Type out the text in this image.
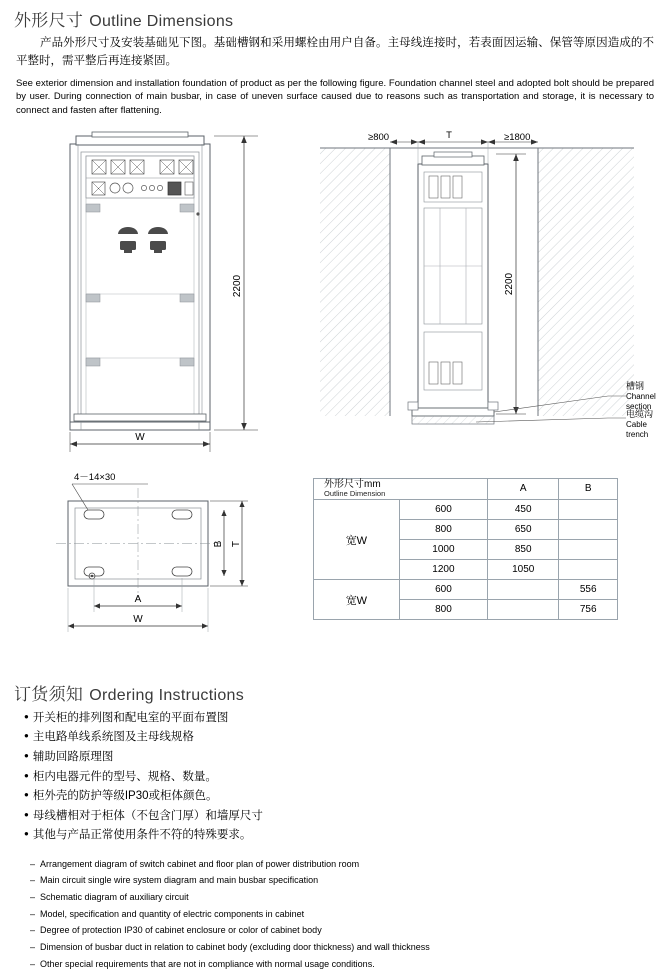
外形尺寸 Outline Dimensions

产品外形尺寸及安装基础见下图。基础槽钢和采用螺栓由用户自备。主母线连接时，若表面因运输、保管等原因造成的不平整时，需平整后再连接紧固。

See exterior dimension and installation foundation of product as per the following figure. Foundation channel steel and adopted bolt should be prepared by user. During connection of main busbar, in case of uneven surface caused due to reasons such as transportation and storage, it is necessary to connect and fasten after flattening.

2200
W
≥800	T	≥1800
2200
槽钢
Channel section
电缆沟
Cable trench
4－14×30
B T
A
W
外形尺寸mm
Outline Dimension		A	B
宽W	600	450	
	800	650	
	1000	850	
	1200	1050	
宽W	600		556
	800		756
订货须知 Ordering Instructions
● 开关柜的排列图和配电室的平面布置图
● 主电路单线系统图及主母线规格
● 辅助回路原理图
● 柜内电器元件的型号、规格、数量。
● 柜外壳的防护等级IP30或柜体颜色。
● 母线槽相对于柜体（不包含门厚）和墙厚尺寸
● 其他与产品正常使用条件不符的特殊要求。
– Arrangement diagram of switch cabinet and floor plan of power distribution room
– Main circuit single wire system diagram and main busbar specification
– Schematic diagram of auxiliary circuit
– Model, specification and quantity of electric components in cabinet
– Degree of protection IP30 of cabinet enclosure or color of cabinet body
– Dimension of busbar duct in relation to cabinet body (excluding door thickness) and wall thickness
– Other special requirements that are not in compliance with normal usage conditions.
